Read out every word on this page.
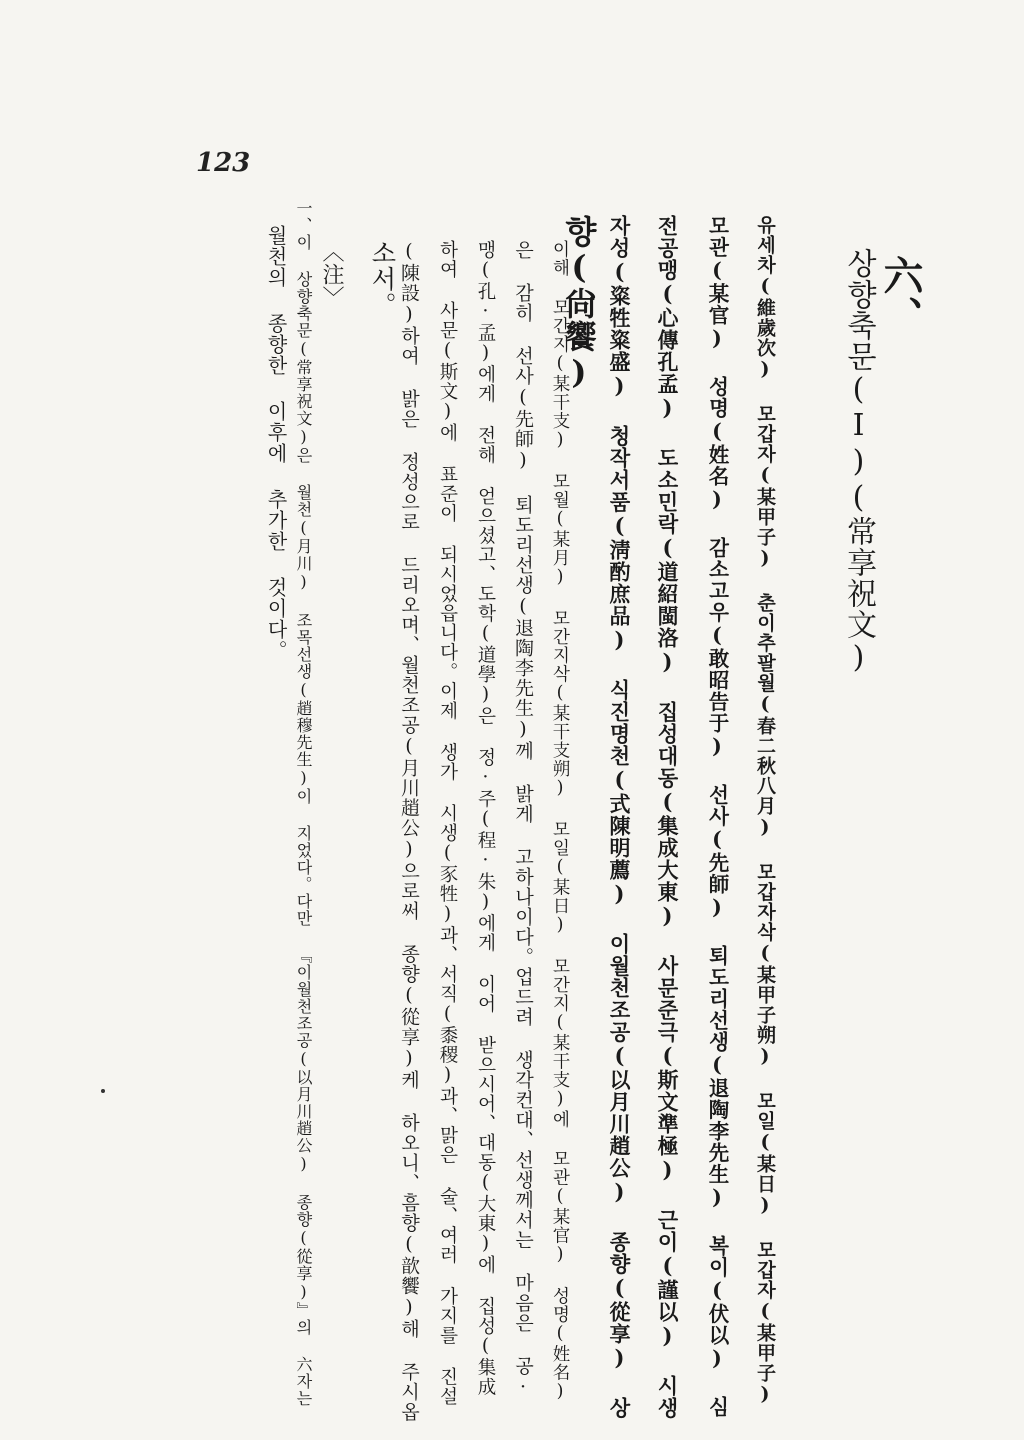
123
六、
상향축문(Ⅰ)(常享祝文)
유세차(維歲次) 모갑자(某甲子) 춘이추팔월(春二秋八月) 모갑자삭(某甲子朔) 모일(某日) 모갑자(某甲子)
모관(某官) 성명(姓名) 감소고우(敢昭告于) 선사(先師) 퇴도리선생(退陶李先生) 복이(伏以) 심
전공맹(心傳孔孟) 도소민락(道紹閩洛) 집성대동(集成大東) 사문준극(斯文準極) 근이(謹以) 시생
자성(粢牲粢盛) 청작서품(淸酌庶品) 식진명천(式陳明薦) 이월천조공(以月川趙公) 종향(從享) 상
향(尙饗)
이해 모간지(某干支) 모월(某月) 모간지삭(某干支朔) 모일(某日) 모간지(某干支)에 모관(某官) 성명(姓名)
은 감히 선사(先師) 퇴도리선생(退陶李先生)께 밝게 고하나이다。업드려 생각컨대、선생께서는 마음은 공·
맹(孔·孟)에게 전해 얻으셨고、도학(道學)은 정·주(程·朱)에게 이어 받으시어、대동(大東)에 집성(集成
하여 사문(斯文)에 표준이 되시었읍니다。이제 생가 시생(豕牲)과、서직(黍稷)과、맑은 술、여러 가지를 진설
(陳設)하여 밝은 정성으로 드리오며、월천조공(月川趙公)으로써 종향(從享)케 하오니、흠향(歆饗)해 주시옵
소서。
〈注〉
一、이 상향축문(常享祝文)은 월천(月川) 조목선생(趙穆先生)이 지었다。다만 『이월천조공(以月川趙公) 종향(從享)』의 六자는
월천의 종향한 이후에 추가한 것이다。
